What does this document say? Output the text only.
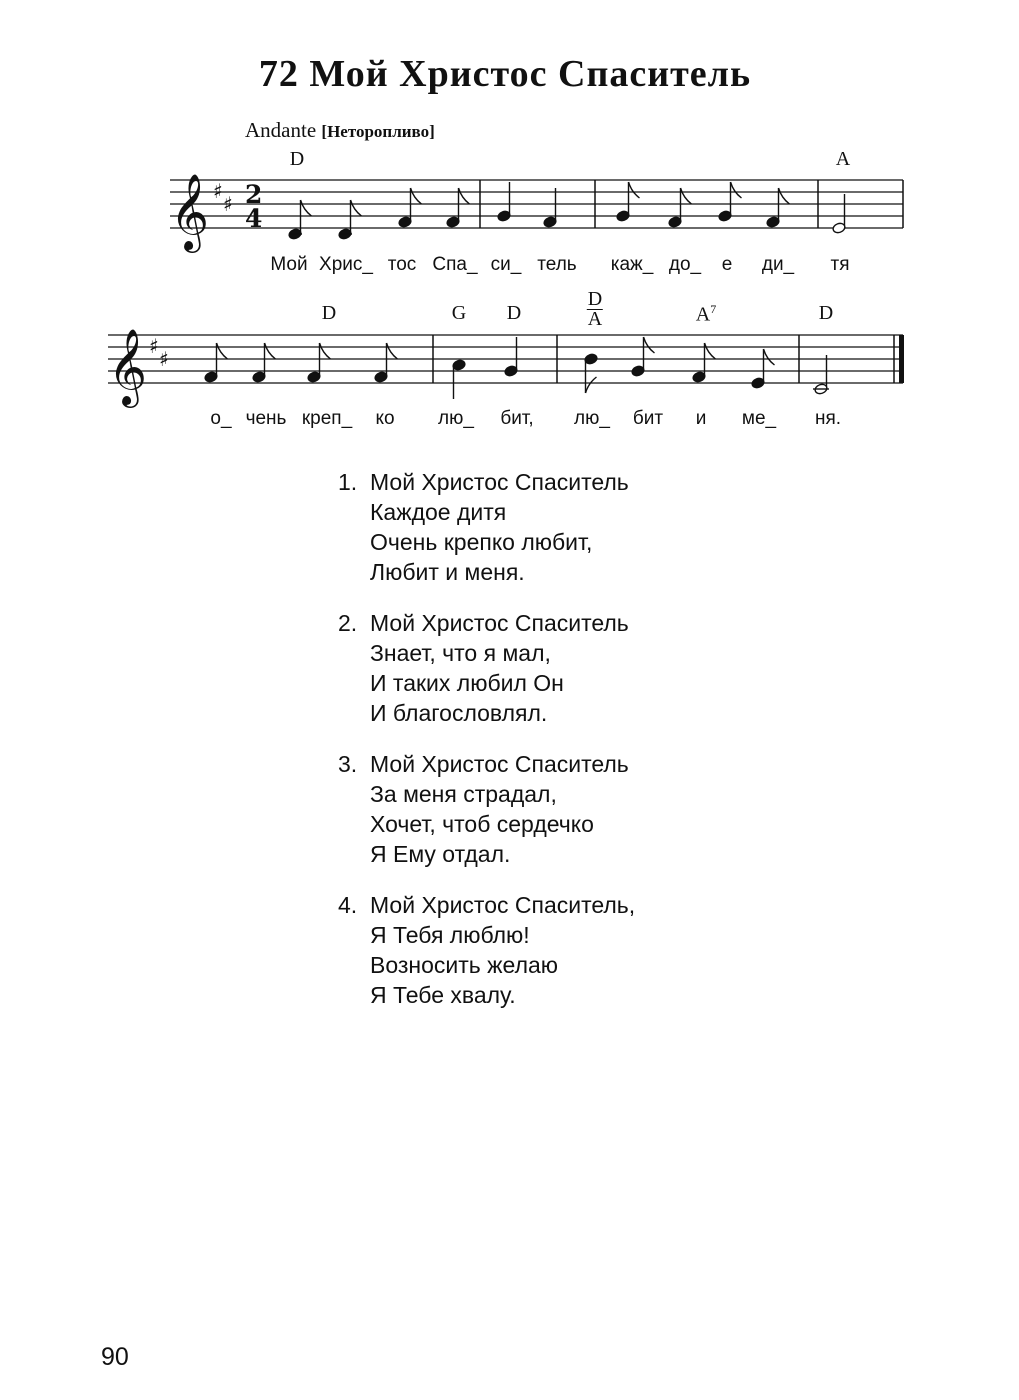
72 Мой Христос Спаситель
Andante [Неторопливо]
D	A
𝄞 ♯
♯ 2
4
Мой Хрис_ тос Спа_ си_ тель каж_ до_ е ди_ тя
D	G D
D
A	$A^7$	D
𝄞 ♯
♯
о_ чень креп_ ко лю_ бит, лю_ бит и ме_ ня.
1. Мой Христос Спаситель
Каждое дитя
Очень крепко любит,
Любит и меня.
2. Мой Христос Спаситель
Знает, что я мал,
И таких любил Он
И благословлял.
3. Мой Христос Спаситель
За меня страдал,
Хочет, чтоб сердечко
Я Ему отдал.
4. Мой Христос Спаситель,
Я Тебя люблю!
Возносить желаю
Я Тебе хвалу.
90
